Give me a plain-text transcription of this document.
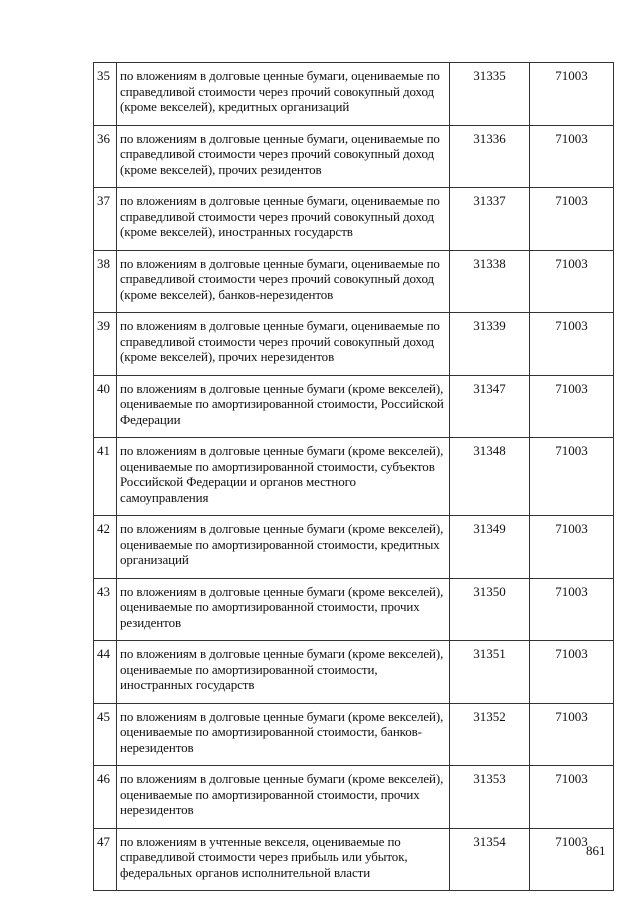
35	по вложениям в долговые ценные бумаги, оцениваемые по справедливой стоимости через прочий совокупный доход (кроме векселей), кредитных организаций	31335	71003
36	по вложениям в долговые ценные бумаги, оцениваемые по справедливой стоимости через прочий совокупный доход (кроме векселей), прочих резидентов	31336	71003
37	по вложениям в долговые ценные бумаги, оцениваемые по справедливой стоимости через прочий совокупный доход (кроме векселей), иностранных государств	31337	71003
38	по вложениям в долговые ценные бумаги, оцениваемые по справедливой стоимости через прочий совокупный доход (кроме векселей), банков-нерезидентов	31338	71003
39	по вложениям в долговые ценные бумаги, оцениваемые по справедливой стоимости через прочий совокупный доход (кроме векселей), прочих нерезидентов	31339	71003
40	по вложениям в долговые ценные бумаги (кроме векселей), оцениваемые по амортизированной стоимости, Российской Федерации	31347	71003
41	по вложениям в долговые ценные бумаги (кроме векселей), оцениваемые по амортизированной стоимости, субъектов Российской Федерации и органов местного самоуправления	31348	71003
42	по вложениям в долговые ценные бумаги (кроме векселей), оцениваемые по амортизированной стоимости, кредитных организаций	31349	71003
43	по вложениям в долговые ценные бумаги (кроме векселей), оцениваемые по амортизированной стоимости, прочих резидентов	31350	71003
44	по вложениям в долговые ценные бумаги (кроме векселей), оцениваемые по амортизированной стоимости, иностранных государств	31351	71003
45	по вложениям в долговые ценные бумаги (кроме векселей), оцениваемые по амортизированной стоимости, банков-нерезидентов	31352	71003
46	по вложениям в долговые ценные бумаги (кроме векселей), оцениваемые по амортизированной стоимости, прочих нерезидентов	31353	71003
47	по вложениям в учтенные векселя, оцениваемые по справедливой стоимости через прибыль или убыток, федеральных органов исполнительной власти	31354	71003
861
